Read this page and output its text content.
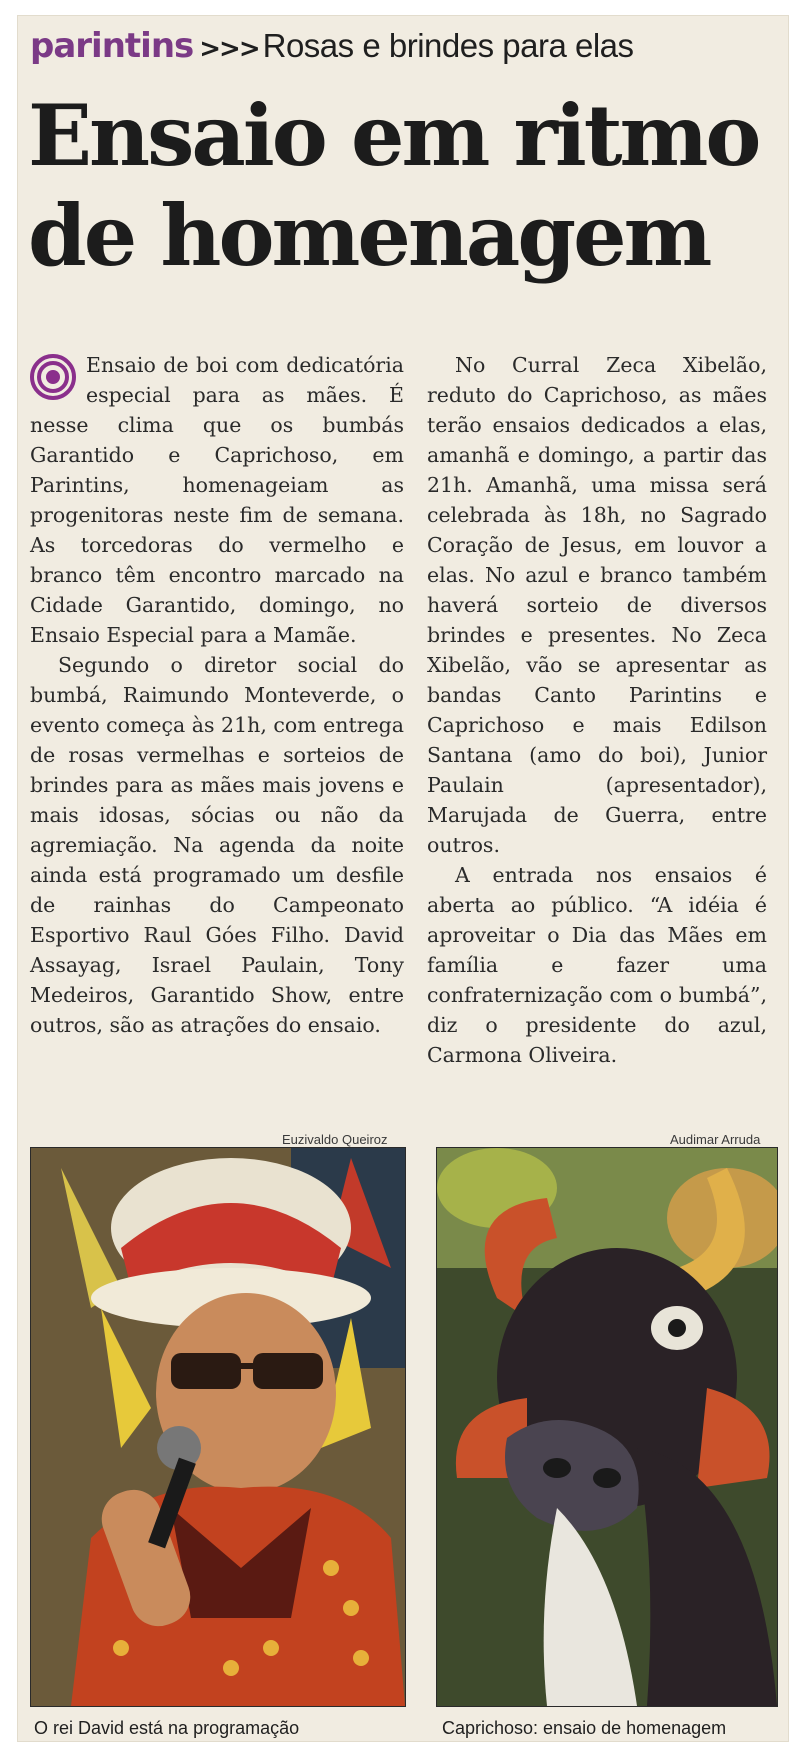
parintins >>> Rosas e brindes para elas
Ensaio em ritmo
de homenagem

Ensaio de boi com dedicatória especial para as mães. É nesse clima que os bumbás Garantido e Caprichoso, em Parintins, homenageiam as progenitoras neste fim de semana. As torcedoras do vermelho e branco têm encontro marcado na Cidade Garantido, domingo, no Ensaio Especial para a Mamãe.

Segundo o diretor social do bumbá, Raimundo Monteverde, o evento começa às 21h, com entrega de rosas vermelhas e sorteios de brindes para as mães mais jovens e mais idosas, sócias ou não da agremiação. Na agenda da noite ainda está programado um desfile de rainhas do Campeonato Esportivo Raul Góes Filho. David Assayag, Israel Paulain, Tony Medeiros, Garantido Show, entre outros, são as atrações do ensaio.

No Curral Zeca Xibelão, reduto do Caprichoso, as mães terão ensaios dedicados a elas, amanhã e domingo, a partir das 21h. Amanhã, uma missa será celebrada às 18h, no Sagrado Coração de Jesus, em louvor a elas. No azul e branco também haverá sorteio de diversos brindes e presentes. No Zeca Xibelão, vão se apresentar as bandas Canto Parintins e Caprichoso e mais Edilson Santana (amo do boi), Junior Paulain (apresentador), Marujada de Guerra, entre outros.

A entrada nos ensaios é aberta ao público. “A idéia é aproveitar o Dia das Mães em família e fazer uma confraternização com o bumbá”, diz o presidente do azul, Carmona Oliveira.

Euzivaldo Queiroz
O rei David está na programação
Audimar Arruda
Caprichoso: ensaio de homenagem
